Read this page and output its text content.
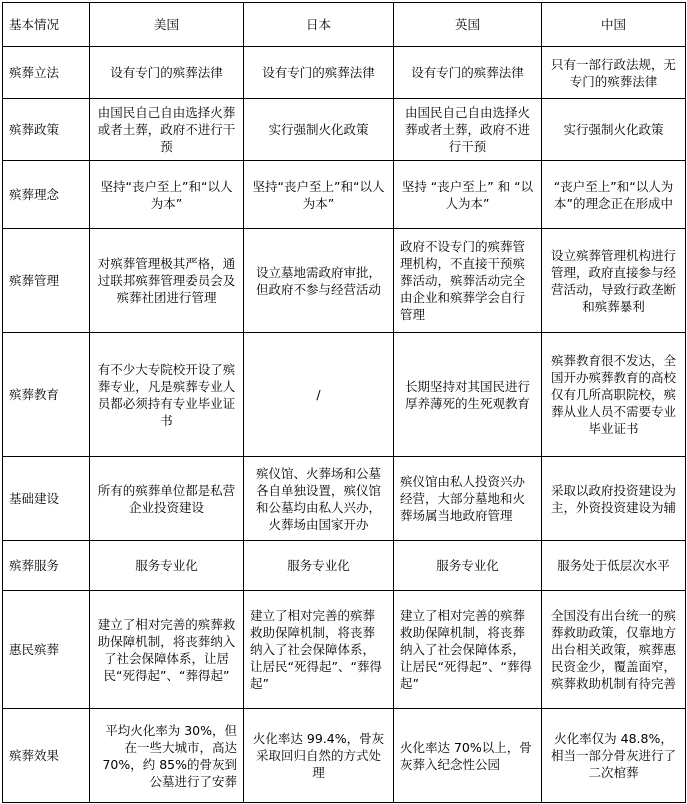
基本情况	美国	日本	英国	中国
殡葬立法	设有专门的殡葬法律	设有专门的殡葬法律	设有专门的殡葬法律	只有一部行政法规，无专门的殡葬法律
殡葬政策	由国民自己自由选择火葬或者土葬，政府不进行干预	实行强制火化政策	由国民自己自由选择火葬或者土葬，政府不进行干预	实行强制火化政策
殡葬理念	坚持“丧户至上”和“以人为本”	坚持“丧户至上”和“以人为本”	坚持 “丧户至上” 和 “以人为本”	“丧户至上”和“以人为本”的理念正在形成中
殡葬管理	对殡葬管理极其严格，通过联邦殡葬管理委员会及殡葬社团进行管理	设立墓地需政府审批，但政府不参与经营活动	政府不设专门的殡葬管理机构，不直接干预殡葬活动，殡葬活动完全由企业和殡葬学会自行管理	设立殡葬管理机构进行管理，政府直接参与经营活动，导致行政垄断和殡葬暴利
殡葬教育	有不少大专院校开设了殡葬专业，凡是殡葬专业人员都必须持有专业毕业证书	/	长期坚持对其国民进行厚养薄死的生死观教育	殡葬教育很不发达，全国开办殡葬教育的高校仅有几所高职院校，殡葬从业人员不需要专业毕业证书
基础建设	所有的殡葬单位都是私营企业投资建设	殡仪馆、火葬场和公墓各自单独设置，殡仪馆和公墓均由私人兴办，火葬场由国家开办	殡仪馆由私人投资兴办经营，大部分墓地和火葬场属当地政府管理	采取以政府投资建设为主，外资投资建设为辅
殡葬服务	服务专业化	服务专业化	服务专业化	服务处于低层次水平
惠民殡葬	建立了相对完善的殡葬救助保障机制，将丧葬纳入了社会保障体系，让居民“死得起”、“葬得起”	建立了相对完善的殡葬救助保障机制，将丧葬纳入了社会保障体系，让居民“死得起”、“葬得起”	建立了相对完善的殡葬救助保障机制，将丧葬纳入了社会保障体系，让居民“死得起”、“葬得起”	全国没有出台统一的殡葬救助政策，仅靠地方出台相关政策，殡葬惠民资金少，覆盖面窄，殡葬救助机制有待完善
殡葬效果	平均火化率为 30%，但在一些大城市，高达 70%，约 85%的骨灰到公墓进行了安葬	火化率达 99.4%，骨灰采取回归自然的方式处理	火化率达 70%以上，骨灰葬入纪念性公园	火化率仅为 48.8%，相当一部分骨灰进行了二次棺葬
